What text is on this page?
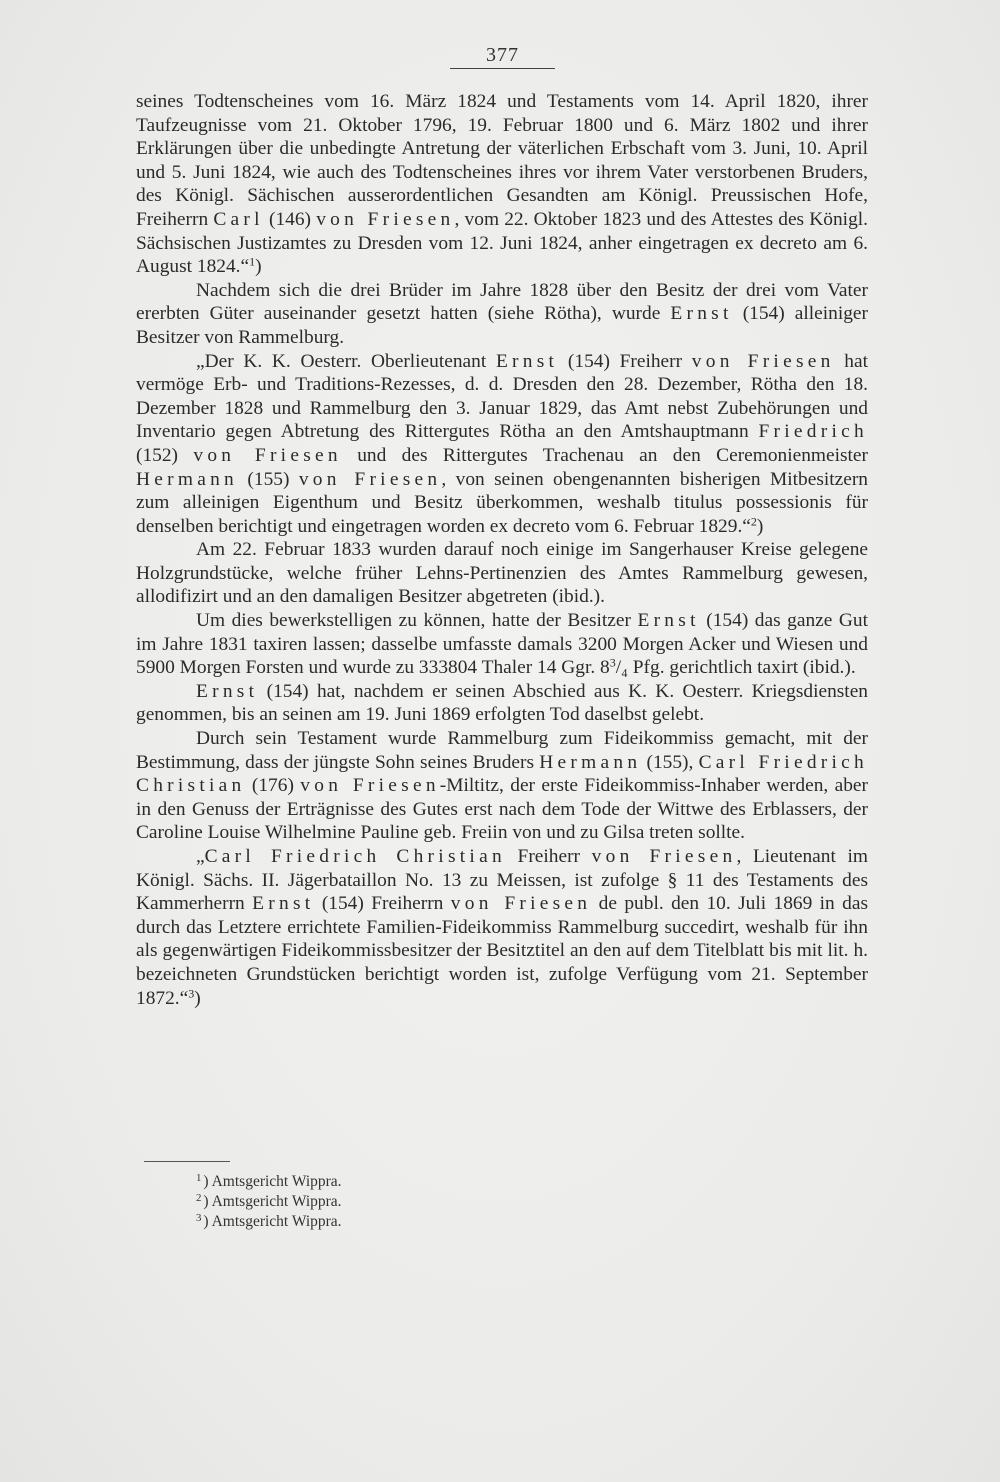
377

seines Todtenscheines vom 16. März 1824 und Testaments vom 14. April 1820, ihrer Taufzeugnisse vom 21. Oktober 1796, 19. Februar 1800 und 6. März 1802 und ihrer Erklärungen über die unbedingte Antretung der väterlichen Erbschaft vom 3. Juni, 10. April und 5. Juni 1824, wie auch des Todtenscheines ihres vor ihrem Vater verstorbenen Bruders, des Königl. Sächischen ausserordentlichen Gesandten am Königl. Preussischen Hofe, Freiherrn Carl (146) von Friesen, vom 22. Oktober 1823 und des Attestes des Königl. Sächsischen Justizamtes zu Dresden vom 12. Juni 1824, anher eingetragen ex decreto am 6. August 1824.“$^1$)

Nachdem sich die drei Brüder im Jahre 1828 über den Besitz der drei vom Vater ererbten Güter auseinander gesetzt hatten (siehe Rötha), wurde Ernst (154) alleiniger Besitzer von Rammelburg.

„Der K. K. Oesterr. Oberlieutenant Ernst (154) Freiherr von Friesen hat vermöge Erb- und Traditions-Rezesses, d. d. Dresden den 28. Dezember, Rötha den 18. Dezember 1828 und Rammelburg den 3. Januar 1829, das Amt nebst Zubehörungen und Inventario gegen Abtretung des Rittergutes Rötha an den Amtshauptmann Friedrich (152) von Friesen und des Rittergutes Trachenau an den Ceremonienmeister Hermann (155) von Friesen, von seinen obengenannten bisherigen Mitbesitzern zum alleinigen Eigenthum und Besitz überkommen, weshalb titulus possessionis für denselben berichtigt und eingetragen worden ex decreto vom 6. Februar 1829.“$^2$)

Am 22. Februar 1833 wurden darauf noch einige im Sangerhauser Kreise gelegene Holzgrundstücke, welche früher Lehns-Pertinenzien des Amtes Rammelburg gewesen, allodifizirt und an den damaligen Besitzer abgetreten (ibid.).

Um dies bewerkstelligen zu können, hatte der Besitzer Ernst (154) das ganze Gut im Jahre 1831 taxiren lassen; dasselbe umfasste damals 3200 Morgen Acker und Wiesen und 5900 Morgen Forsten und wurde zu 333804 Thaler 14 Ggr. $8^3/_4$ Pfg. gerichtlich taxirt (ibid.).

Ernst (154) hat, nachdem er seinen Abschied aus K. K. Oesterr. Kriegsdiensten genommen, bis an seinen am 19. Juni 1869 erfolgten Tod daselbst gelebt.

Durch sein Testament wurde Rammelburg zum Fideikommiss gemacht, mit der Bestimmung, dass der jüngste Sohn seines Bruders Hermann (155), Carl Friedrich Christian (176) von Friesen-Miltitz, der erste Fideikommiss-Inhaber werden, aber in den Genuss der Erträgnisse des Gutes erst nach dem Tode der Wittwe des Erblassers, der Caroline Louise Wilhelmine Pauline geb. Freiin von und zu Gilsa treten sollte.

„Carl Friedrich Christian Freiherr von Friesen, Lieutenant im Königl. Sächs. II. Jägerbataillon No. 13 zu Meissen, ist zufolge § 11 des Testaments des Kammerherrn Ernst (154) Freiherrn von Friesen de publ. den 10. Juli 1869 in das durch das Letztere errichtete Familien-Fideikommiss Rammelburg succedirt, weshalb für ihn als gegenwärtigen Fideikommissbesitzer der Besitztitel an den auf dem Titelblatt bis mit lit. h. bezeichneten Grundstücken berichtigt worden ist, zufolge Verfügung vom 21. September 1872.“$^3$)

$^1$ ) Amtsgericht Wippra.
$^2$ ) Amtsgericht Wippra.
$^3$ ) Amtsgericht Wippra.
